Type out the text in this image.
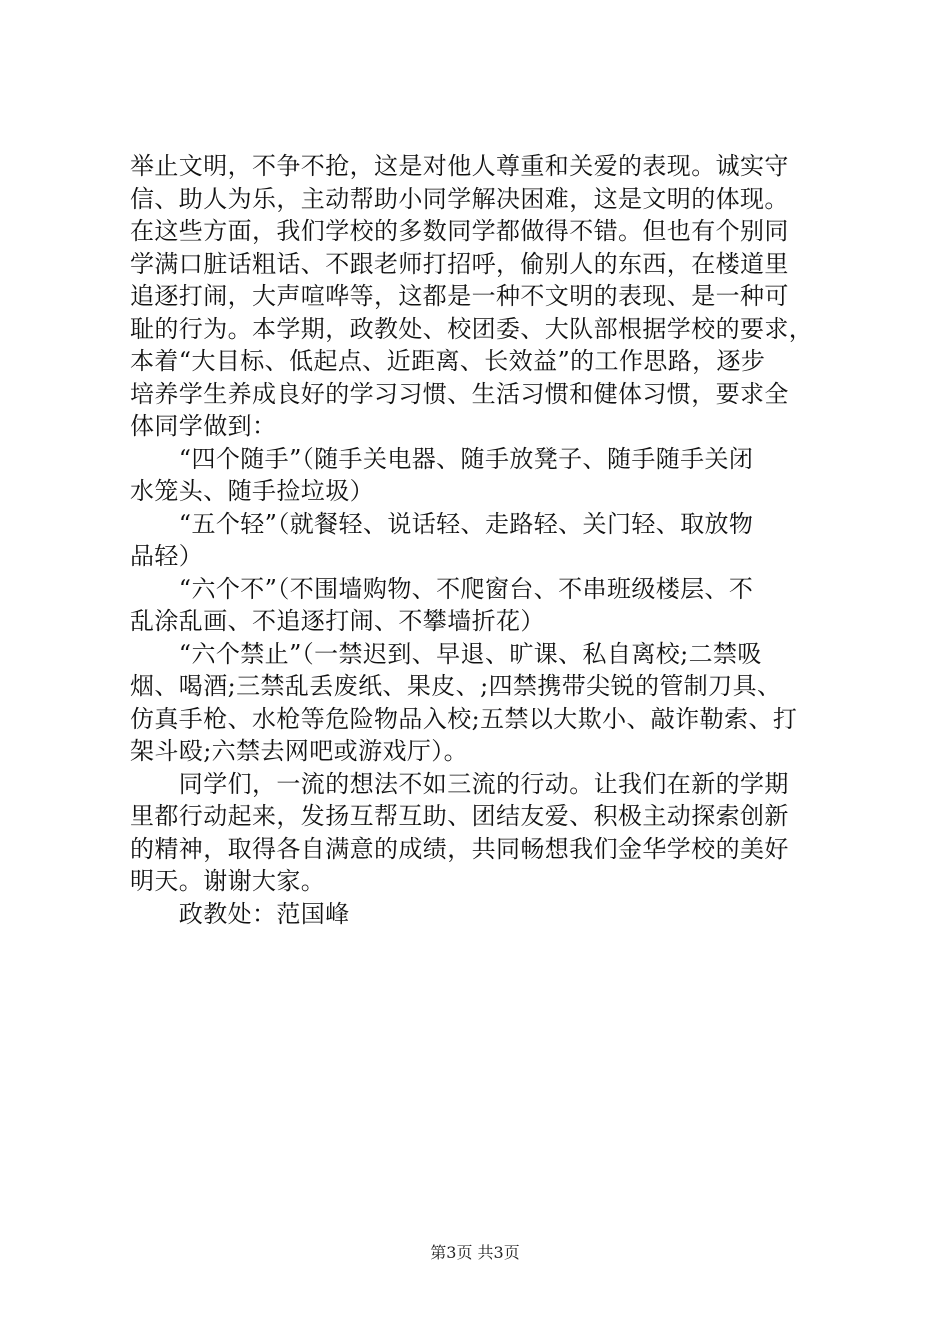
举止文明，不争不抢，这是对他人尊重和关爱的表现。诚实守
信、助人为乐，主动帮助小同学解决困难，这是文明的体现。
在这些方面，我们学校的多数同学都做得不错。但也有个别同
学满口脏话粗话、不跟老师打招呼，偷别人的东西，在楼道里
追逐打闹，大声喧哗等，这都是一种不文明的表现、是一种可
耻的行为。本学期，政教处、校团委、大队部根据学校的要求，
本着“大目标、低起点、近距离、长效益”的工作思路，逐步
培养学生养成良好的学习习惯、生活习惯和健体习惯，要求全
体同学做到：
　　“四个随手”（随手关电器、随手放凳子、随手随手关闭
水笼头、随手捡垃圾）
　　“五个轻”（就餐轻、说话轻、走路轻、关门轻、取放物
品轻）
　　“六个不”（不围墙购物、不爬窗台、不串班级楼层、不
乱涂乱画、不追逐打闹、不攀墙折花）
　　“六个禁止”（一禁迟到、早退、旷课、私自离校;二禁吸
烟、喝酒;三禁乱丢废纸、果皮、;四禁携带尖锐的管制刀具、
仿真手枪、水枪等危险物品入校;五禁以大欺小、敲诈勒索、打
架斗殴;六禁去网吧或游戏厅）。
　　同学们，一流的想法不如三流的行动。让我们在新的学期
里都行动起来，发扬互帮互助、团结友爱、积极主动探索创新
的精神，取得各自满意的成绩，共同畅想我们金华学校的美好
明天。谢谢大家。
　　政教处：范国峰
第3页 共3页
